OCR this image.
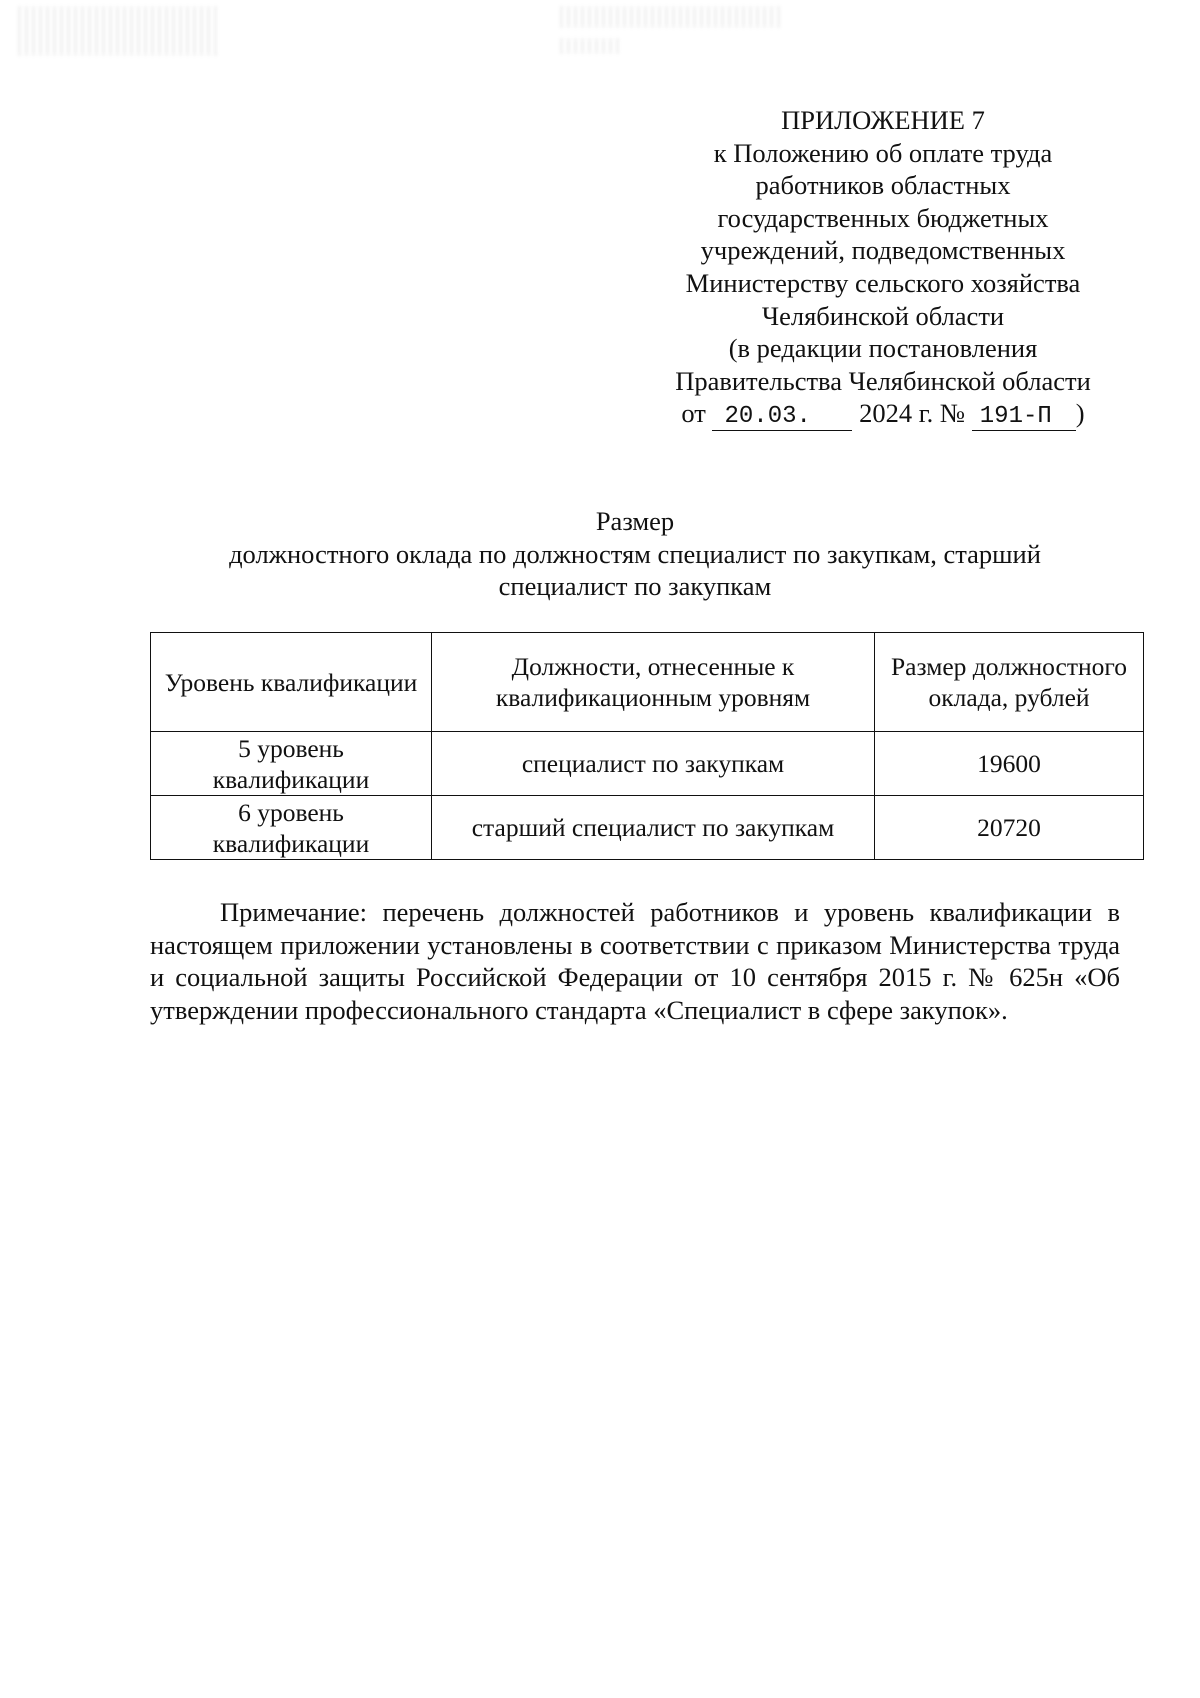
ПРИЛОЖЕНИЕ 7
к Положению об оплате труда
работников областных
государственных бюджетных
учреждений, подведомственных
Министерству сельского хозяйства
Челябинской области
(в редакции постановления
Правительства Челябинской области
от 20.03. 2024 г. № 191-П )
Размер
должностного оклада по должностям специалист по закупкам, старший
специалист по закупкам
Уровень квалификации	Должности, отнесенные к квалификационным уровням	Размер должностного оклада, рублей
5 уровень квалификации	специалист по закупкам	19600
6 уровень квалификации	старший специалист по закупкам	20720

Примечание: перечень должностей работников и уровень квалификации в настоящем приложении установлены в соответствии с приказом Министерства труда и социальной защиты Российской Федерации от 10 сентября 2015 г. № 625н «Об утверждении профессионального стандарта «Специалист в сфере закупок».
